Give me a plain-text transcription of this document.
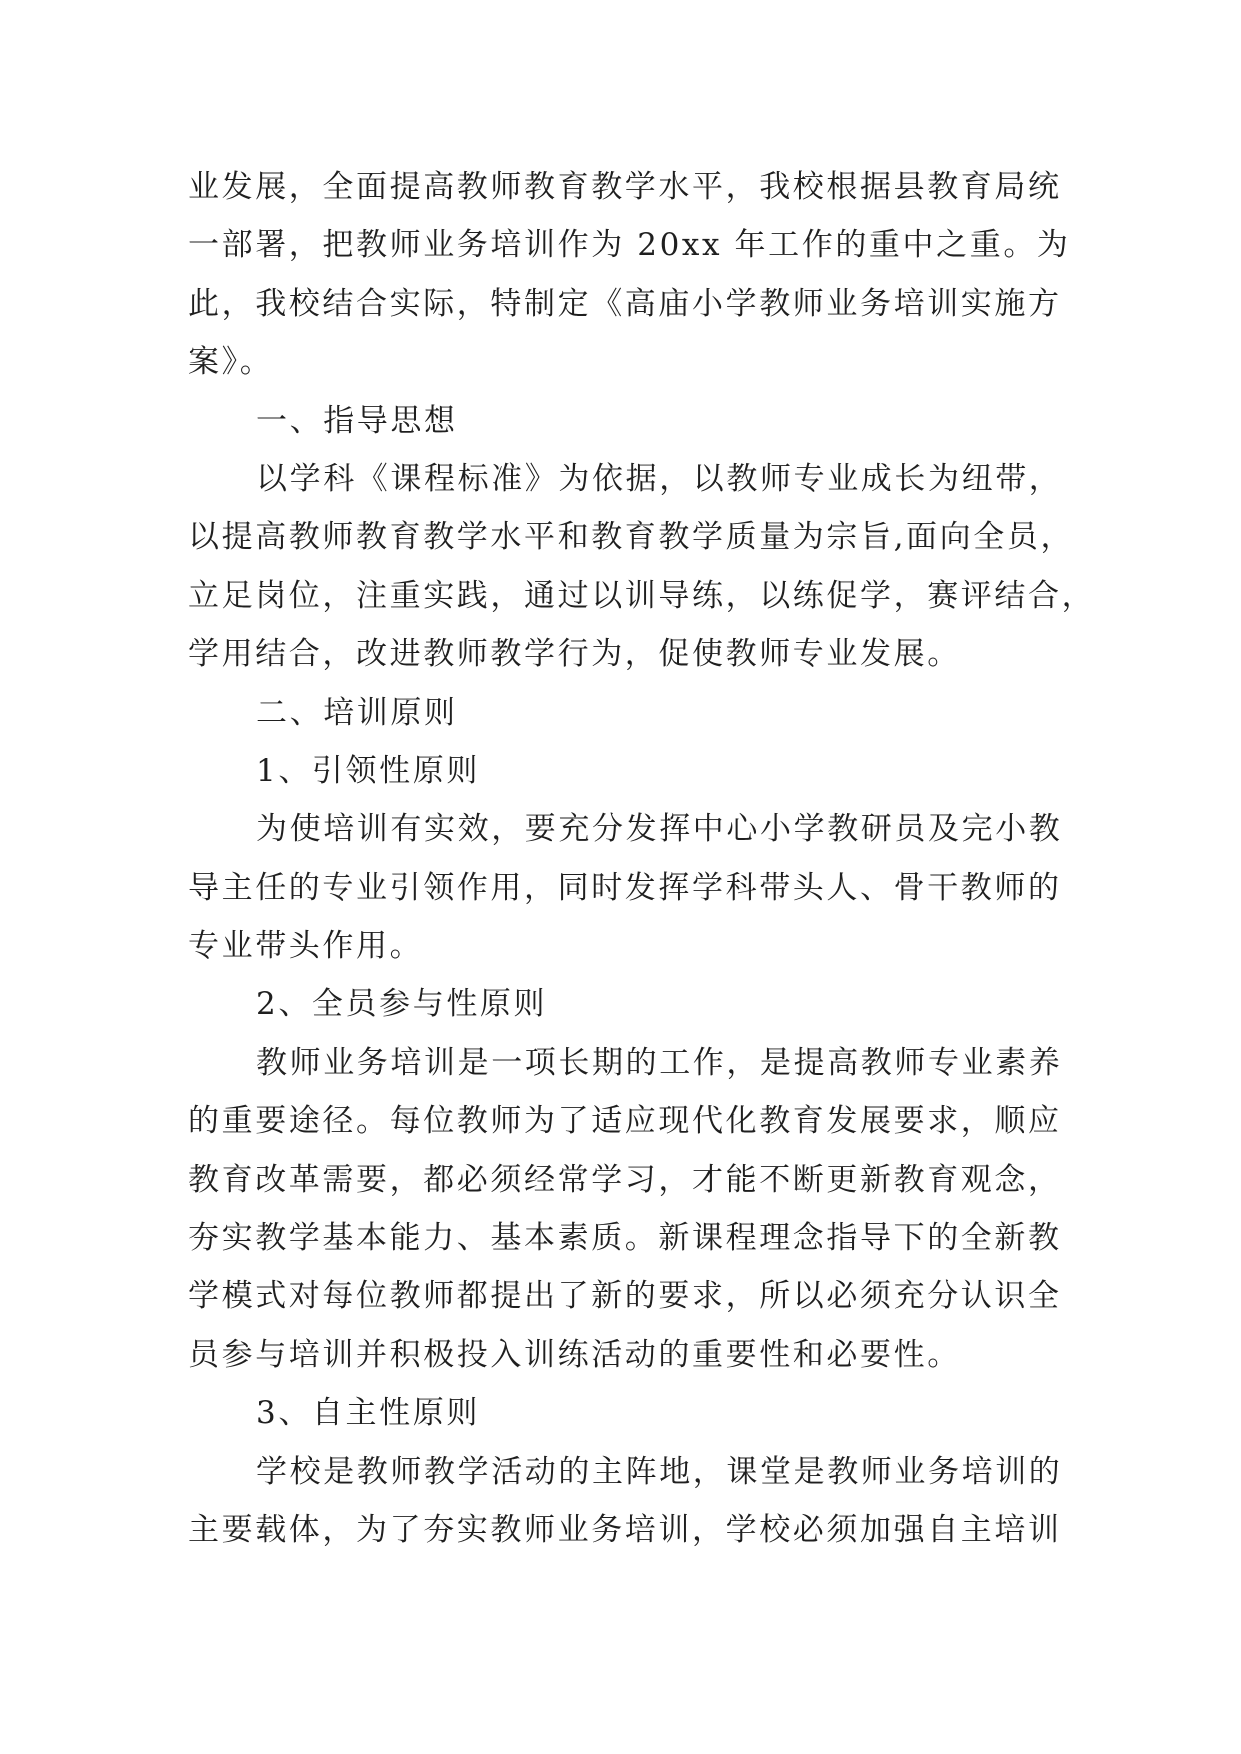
业发展，全面提高教师教育教学水平，我校根据县教育局统
一部署，把教师业务培训作为 20xx 年工作的重中之重。为
此，我校结合实际，特制定《高庙小学教师业务培训实施方
案》。
一、指导思想
以学科《课程标准》为依据，以教师专业成长为纽带，
以提高教师教育教学水平和教育教学质量为宗旨,面向全员，
立足岗位，注重实践，通过以训导练，以练促学，赛评结合，
学用结合，改进教师教学行为，促使教师专业发展。
二、培训原则
1、引领性原则
为使培训有实效，要充分发挥中心小学教研员及完小教
导主任的专业引领作用，同时发挥学科带头人、骨干教师的
专业带头作用。
2、全员参与性原则
教师业务培训是一项长期的工作，是提高教师专业素养
的重要途径。每位教师为了适应现代化教育发展要求，顺应
教育改革需要，都必须经常学习，才能不断更新教育观念，
夯实教学基本能力、基本素质。新课程理念指导下的全新教
学模式对每位教师都提出了新的要求，所以必须充分认识全
员参与培训并积极投入训练活动的重要性和必要性。
3、自主性原则
学校是教师教学活动的主阵地，课堂是教师业务培训的
主要载体，为了夯实教师业务培训，学校必须加强自主培训
